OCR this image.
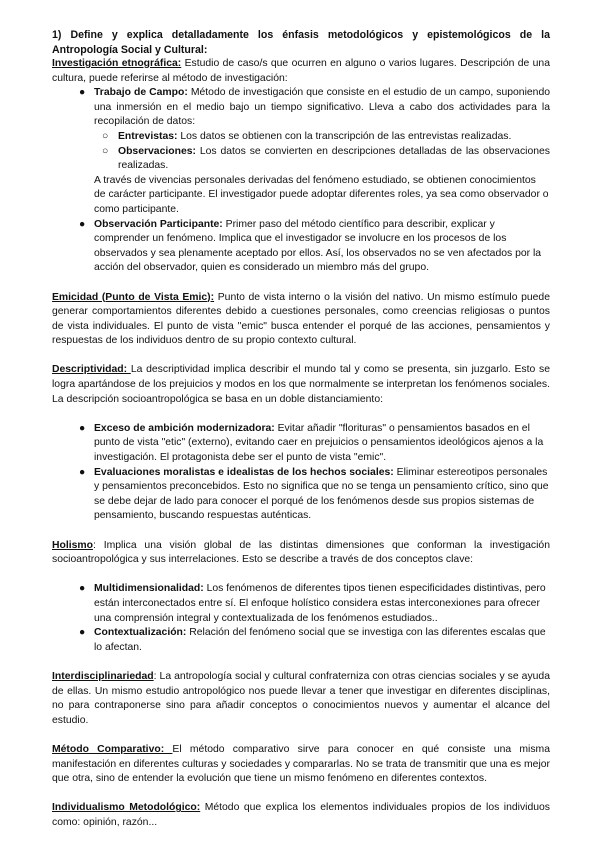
1) Define y explica detalladamente los énfasis metodológicos y epistemológicos de la Antropología Social y Cultural:

Investigación etnográfica: Estudio de caso/s que ocurren en alguno o varios lugares. Descripción de una cultura, puede referirse al método de investigación:

● Trabajo de Campo: Método de investigación que consiste en el estudio de un campo, suponiendo una inmersión en el medio bajo un tiempo significativo. Lleva a cabo dos actividades para la recopilación de datos:
○ Entrevistas: Los datos se obtienen con la transcripción de las entrevistas realizadas.
○ Observaciones: Los datos se convierten en descripciones detalladas de las observaciones realizadas.

A través de vivencias personales derivadas del fenómeno estudiado, se obtienen conocimientos de carácter participante. El investigador puede adoptar diferentes roles, ya sea como observador o como participante.

● Observación Participante: Primer paso del método científico para describir, explicar y comprender un fenómeno. Implica que el investigador se involucre en los procesos de los observados y sea plenamente aceptado por ellos. Así, los observados no se ven afectados por la acción del observador, quien es considerado un miembro más del grupo.

Emicidad (Punto de Vista Emic): Punto de vista interno o la visión del nativo. Un mismo estímulo puede generar comportamientos diferentes debido a cuestiones personales, como creencias religiosas o puntos de vista individuales. El punto de vista "emic" busca entender el porqué de las acciones, pensamientos y respuestas de los individuos dentro de su propio contexto cultural.

Descriptividad: La descriptividad implica describir el mundo tal y como se presenta, sin juzgarlo. Esto se logra apartándose de los prejuicios y modos en los que normalmente se interpretan los fenómenos sociales. La descripción socioantropológica se basa en un doble distanciamiento:

● Exceso de ambición modernizadora: Evitar añadir "florituras" o pensamientos basados en el punto de vista "etic" (externo), evitando caer en prejuicios o pensamientos ideológicos ajenos a la investigación. El protagonista debe ser el punto de vista "emic".
● Evaluaciones moralistas e idealistas de los hechos sociales: Eliminar estereotipos personales y pensamientos preconcebidos. Esto no significa que no se tenga un pensamiento crítico, sino que se debe dejar de lado para conocer el porqué de los fenómenos desde sus propios sistemas de pensamiento, buscando respuestas auténticas.

Holismo: Implica una visión global de las distintas dimensiones que conforman la investigación socioantropológica y sus interrelaciones. Esto se describe a través de dos conceptos clave:

● Multidimensionalidad: Los fenómenos de diferentes tipos tienen especificidades distintivas, pero están interconectados entre sí. El enfoque holístico considera estas interconexiones para ofrecer una comprensión integral y contextualizada de los fenómenos estudiados..
● Contextualización: Relación del fenómeno social que se investiga con las diferentes escalas que lo afectan.

Interdisciplinariedad: La antropología social y cultural confraterniza con otras ciencias sociales y se ayuda de ellas. Un mismo estudio antropológico nos puede llevar a tener que investigar en diferentes disciplinas, no para contraponerse sino para añadir conceptos o conocimientos nuevos y aumentar el alcance del estudio.

Método Comparativo: El método comparativo sirve para conocer en qué consiste una misma manifestación en diferentes culturas y sociedades y compararlas. No se trata de transmitir que una es mejor que otra, sino de entender la evolución que tiene un mismo fenómeno en diferentes contextos.

Individualismo Metodológico: Método que explica los elementos individuales propios de los individuos como: opinión, razón...
